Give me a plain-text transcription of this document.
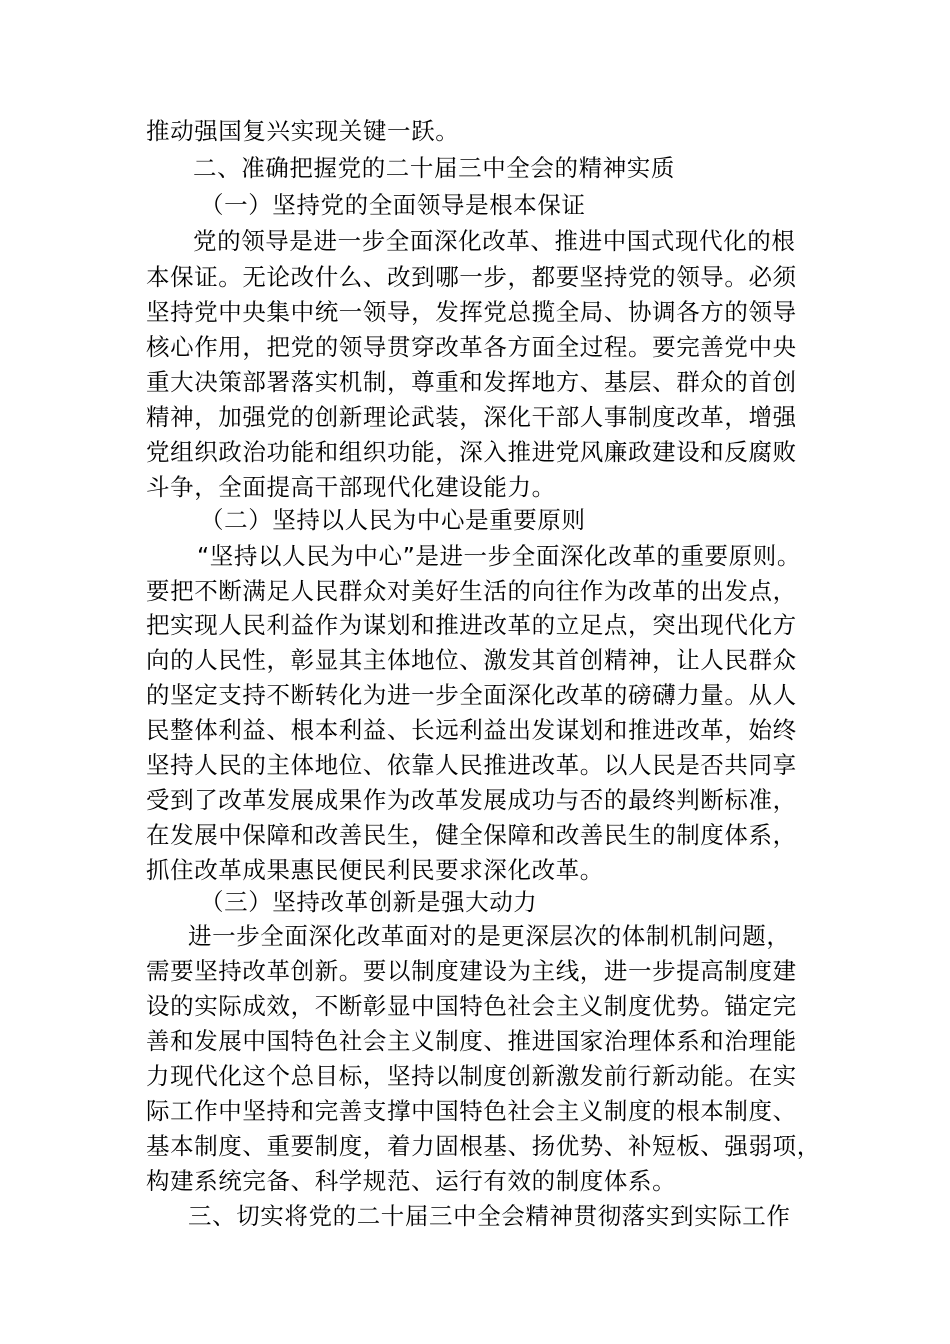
推动强国复兴实现关键一跃。
二、准确把握党的二十届三中全会的精神实质
（一）坚持党的全面领导是根本保证
党的领导是进一步全面深化改革、推进中国式现代化的根
本保证。无论改什么、改到哪一步，都要坚持党的领导。必须
坚持党中央集中统一领导，发挥党总揽全局、协调各方的领导
核心作用，把党的领导贯穿改革各方面全过程。要完善党中央
重大决策部署落实机制，尊重和发挥地方、基层、群众的首创
精神，加强党的创新理论武装，深化干部人事制度改革，增强
党组织政治功能和组织功能，深入推进党风廉政建设和反腐败
斗争，全面提高干部现代化建设能力。
（二）坚持以人民为中心是重要原则
“坚持以人民为中心”是进一步全面深化改革的重要原则。
要把不断满足人民群众对美好生活的向往作为改革的出发点，
把实现人民利益作为谋划和推进改革的立足点，突出现代化方
向的人民性，彰显其主体地位、激发其首创精神，让人民群众
的坚定支持不断转化为进一步全面深化改革的磅礴力量。从人
民整体利益、根本利益、长远利益出发谋划和推进改革，始终
坚持人民的主体地位、依靠人民推进改革。以人民是否共同享
受到了改革发展成果作为改革发展成功与否的最终判断标准，
在发展中保障和改善民生，健全保障和改善民生的制度体系，
抓住改革成果惠民便民利民要求深化改革。
（三）坚持改革创新是强大动力
进一步全面深化改革面对的是更深层次的体制机制问题，
需要坚持改革创新。要以制度建设为主线，进一步提高制度建
设的实际成效，不断彰显中国特色社会主义制度优势。锚定完
善和发展中国特色社会主义制度、推进国家治理体系和治理能
力现代化这个总目标，坚持以制度创新激发前行新动能。在实
际工作中坚持和完善支撑中国特色社会主义制度的根本制度、
基本制度、重要制度，着力固根基、扬优势、补短板、强弱项，
构建系统完备、科学规范、运行有效的制度体系。
三、切实将党的二十届三中全会精神贯彻落实到实际工作
